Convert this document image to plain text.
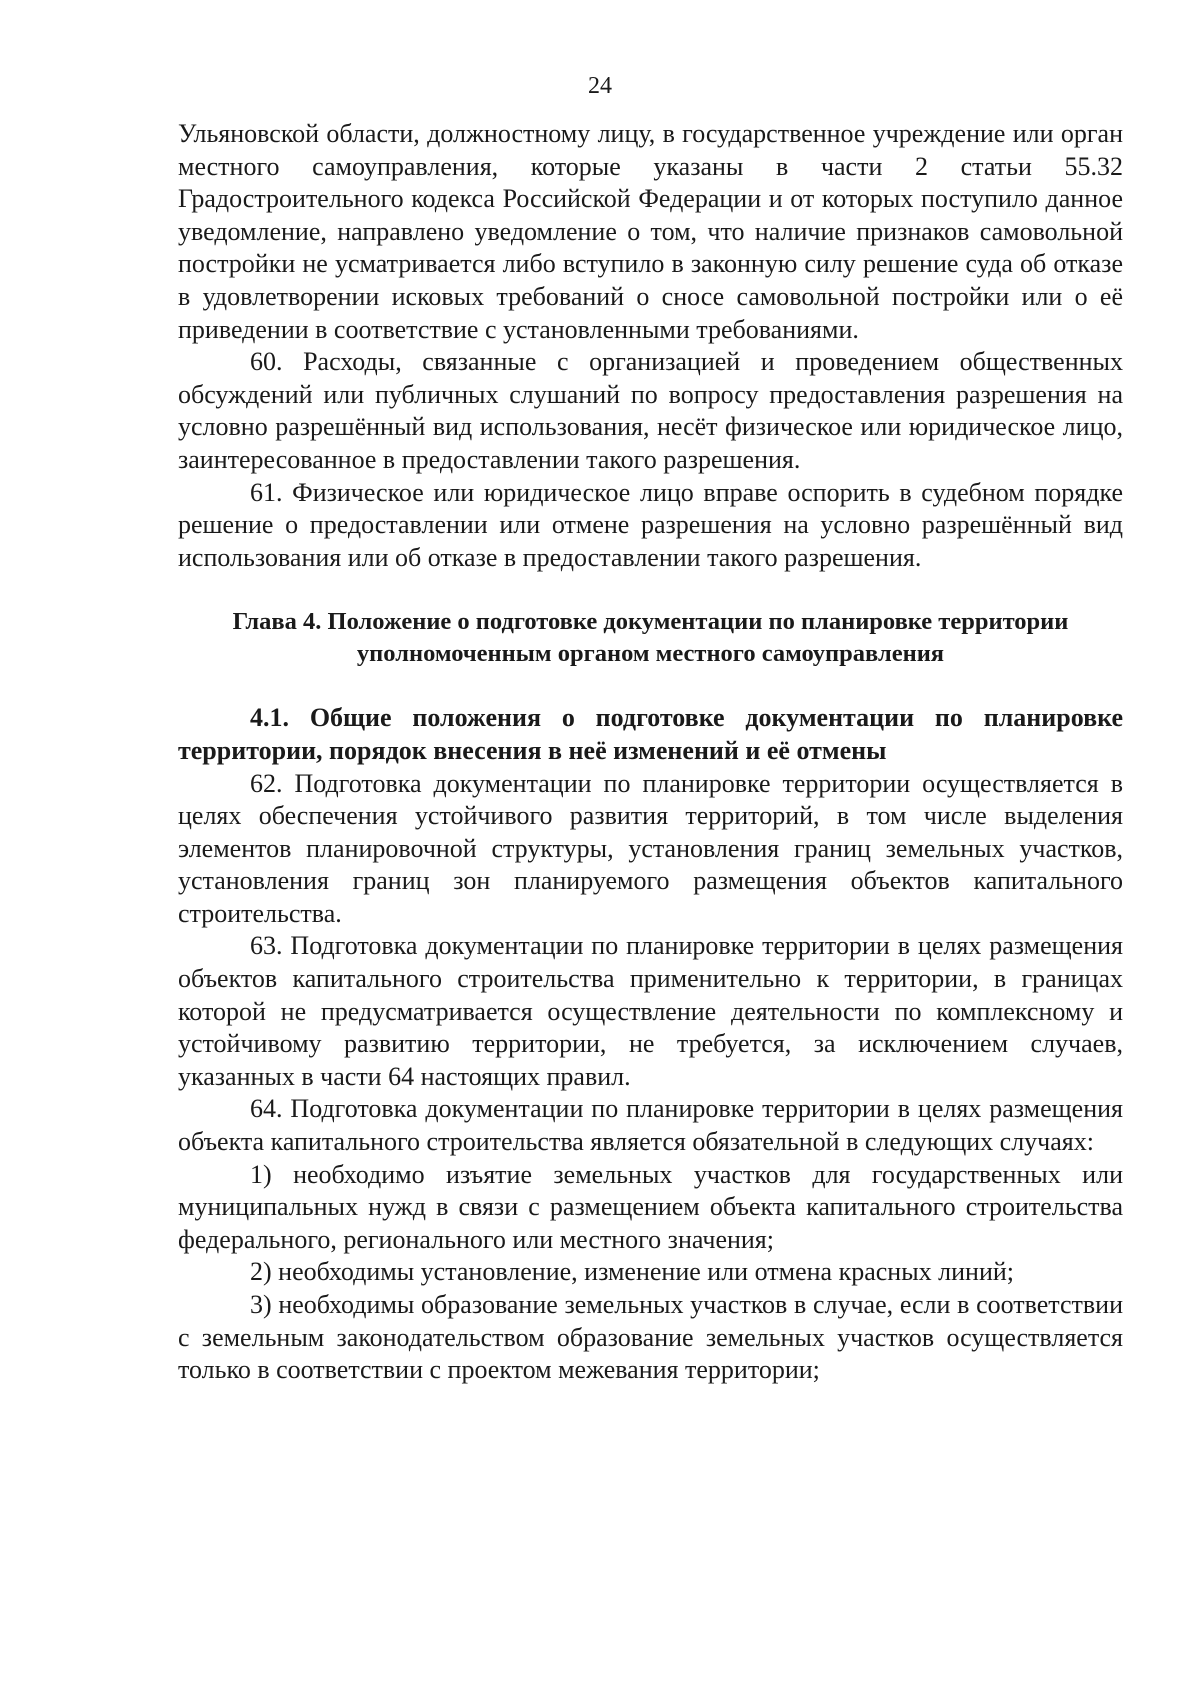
24

Ульяновской области, должностному лицу, в государственное учреждение или орган местного самоуправления, которые указаны в части 2 статьи 55.32 Градостроительного кодекса Российской Федерации и от которых поступило данное уведомление, направлено уведомление о том, что наличие признаков самовольной постройки не усматривается либо вступило в законную силу решение суда об отказе в удовлетворении исковых требований о сносе самовольной постройки или о её приведении в соответствие с установленными требованиями.

60. Расходы, связанные с организацией и проведением общественных обсуждений или публичных слушаний по вопросу предоставления разрешения на условно разрешённый вид использования, несёт физическое или юридическое лицо, заинтересованное в предоставлении такого разрешения.

61. Физическое или юридическое лицо вправе оспорить в судебном порядке решение о предоставлении или отмене разрешения на условно разрешённый вид использования или об отказе в предоставлении такого разрешения.

Глава 4. Положение о подготовке документации по планировке территории
уполномоченным органом местного самоуправления

4.1. Общие положения о подготовке документации по планировке территории, порядок внесения в неё изменений и её отмены

62. Подготовка документации по планировке территории осуществляется в целях обеспечения устойчивого развития территорий, в том числе выделения элементов планировочной структуры, установления границ земельных участков, установления границ зон планируемого размещения объектов капитального строительства.

63. Подготовка документации по планировке территории в целях размещения объектов капитального строительства применительно к территории, в границах которой не предусматривается осуществление деятельности по комплексному и устойчивому развитию территории, не требуется, за исключением случаев, указанных в части 64 настоящих правил.

64. Подготовка документации по планировке территории в целях размещения объекта капитального строительства является обязательной в следующих случаях:

1) необходимо изъятие земельных участков для государственных или муниципальных нужд в связи с размещением объекта капитального строительства федерального, регионального или местного значения;

2) необходимы установление, изменение или отмена красных линий;

3) необходимы образование земельных участков в случае, если в соответствии с земельным законодательством образование земельных участков осуществляется только в соответствии с проектом межевания территории;
